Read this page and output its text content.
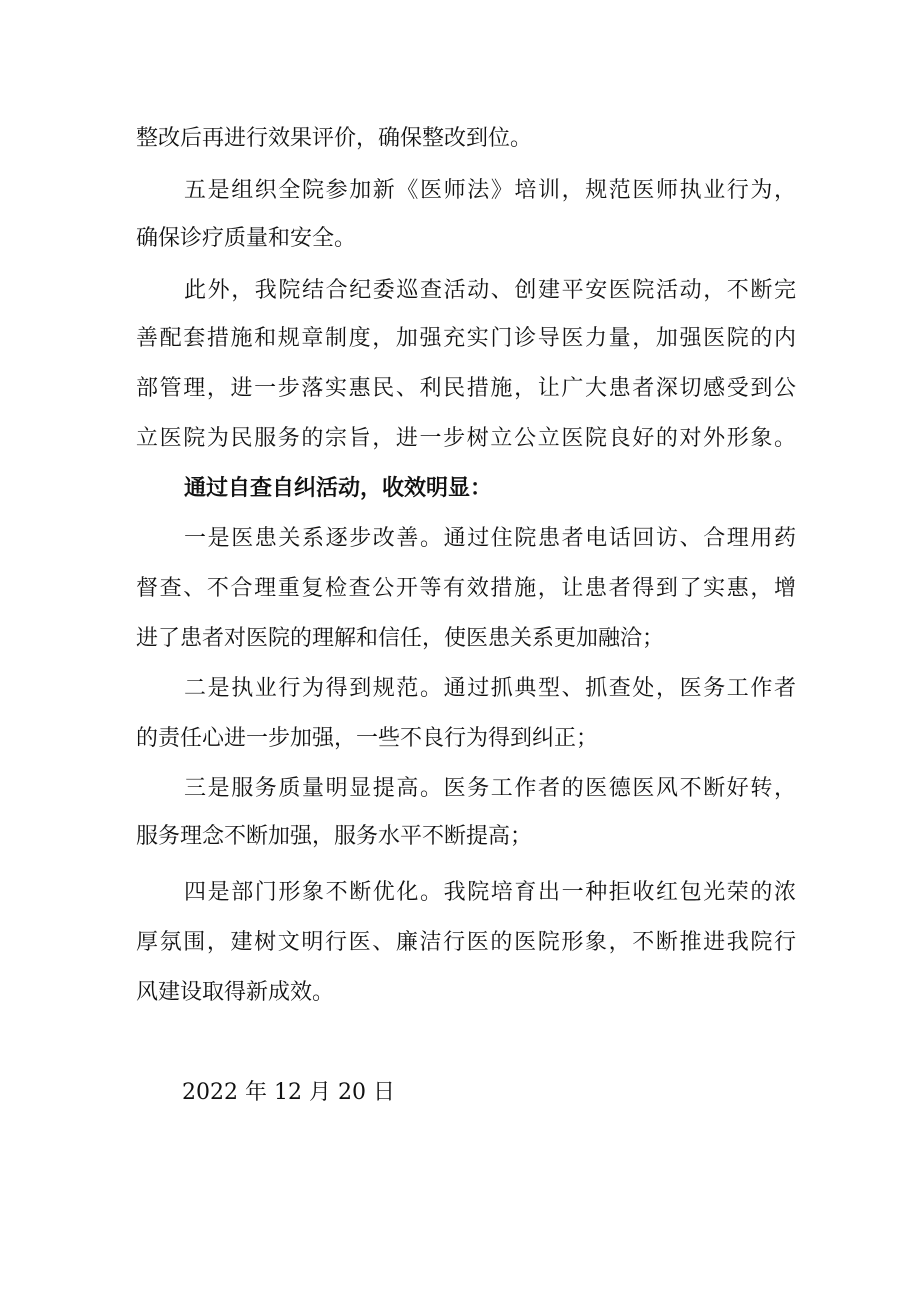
整改后再进行效果评价，确保整改到位。
五是组织全院参加新《医师法》培训，规范医师执业行为，
确保诊疗质量和安全。
此外，我院结合纪委巡查活动、创建平安医院活动，不断完
善配套措施和规章制度，加强充实门诊导医力量，加强医院的内
部管理，进一步落实惠民、利民措施，让广大患者深切感受到公
立医院为民服务的宗旨，进一步树立公立医院良好的对外形象。
通过自查自纠活动，收效明显：
一是医患关系逐步改善。通过住院患者电话回访、合理用药
督查、不合理重复检查公开等有效措施，让患者得到了实惠，增
进了患者对医院的理解和信任，使医患关系更加融洽；
二是执业行为得到规范。通过抓典型、抓查处，医务工作者
的责任心进一步加强，一些不良行为得到纠正；
三是服务质量明显提高。医务工作者的医德医风不断好转，
服务理念不断加强，服务水平不断提高；
四是部门形象不断优化。我院培育出一种拒收红包光荣的浓
厚氛围，建树文明行医、廉洁行医的医院形象，不断推进我院行
风建设取得新成效。
2022 年 12 月 20 日
